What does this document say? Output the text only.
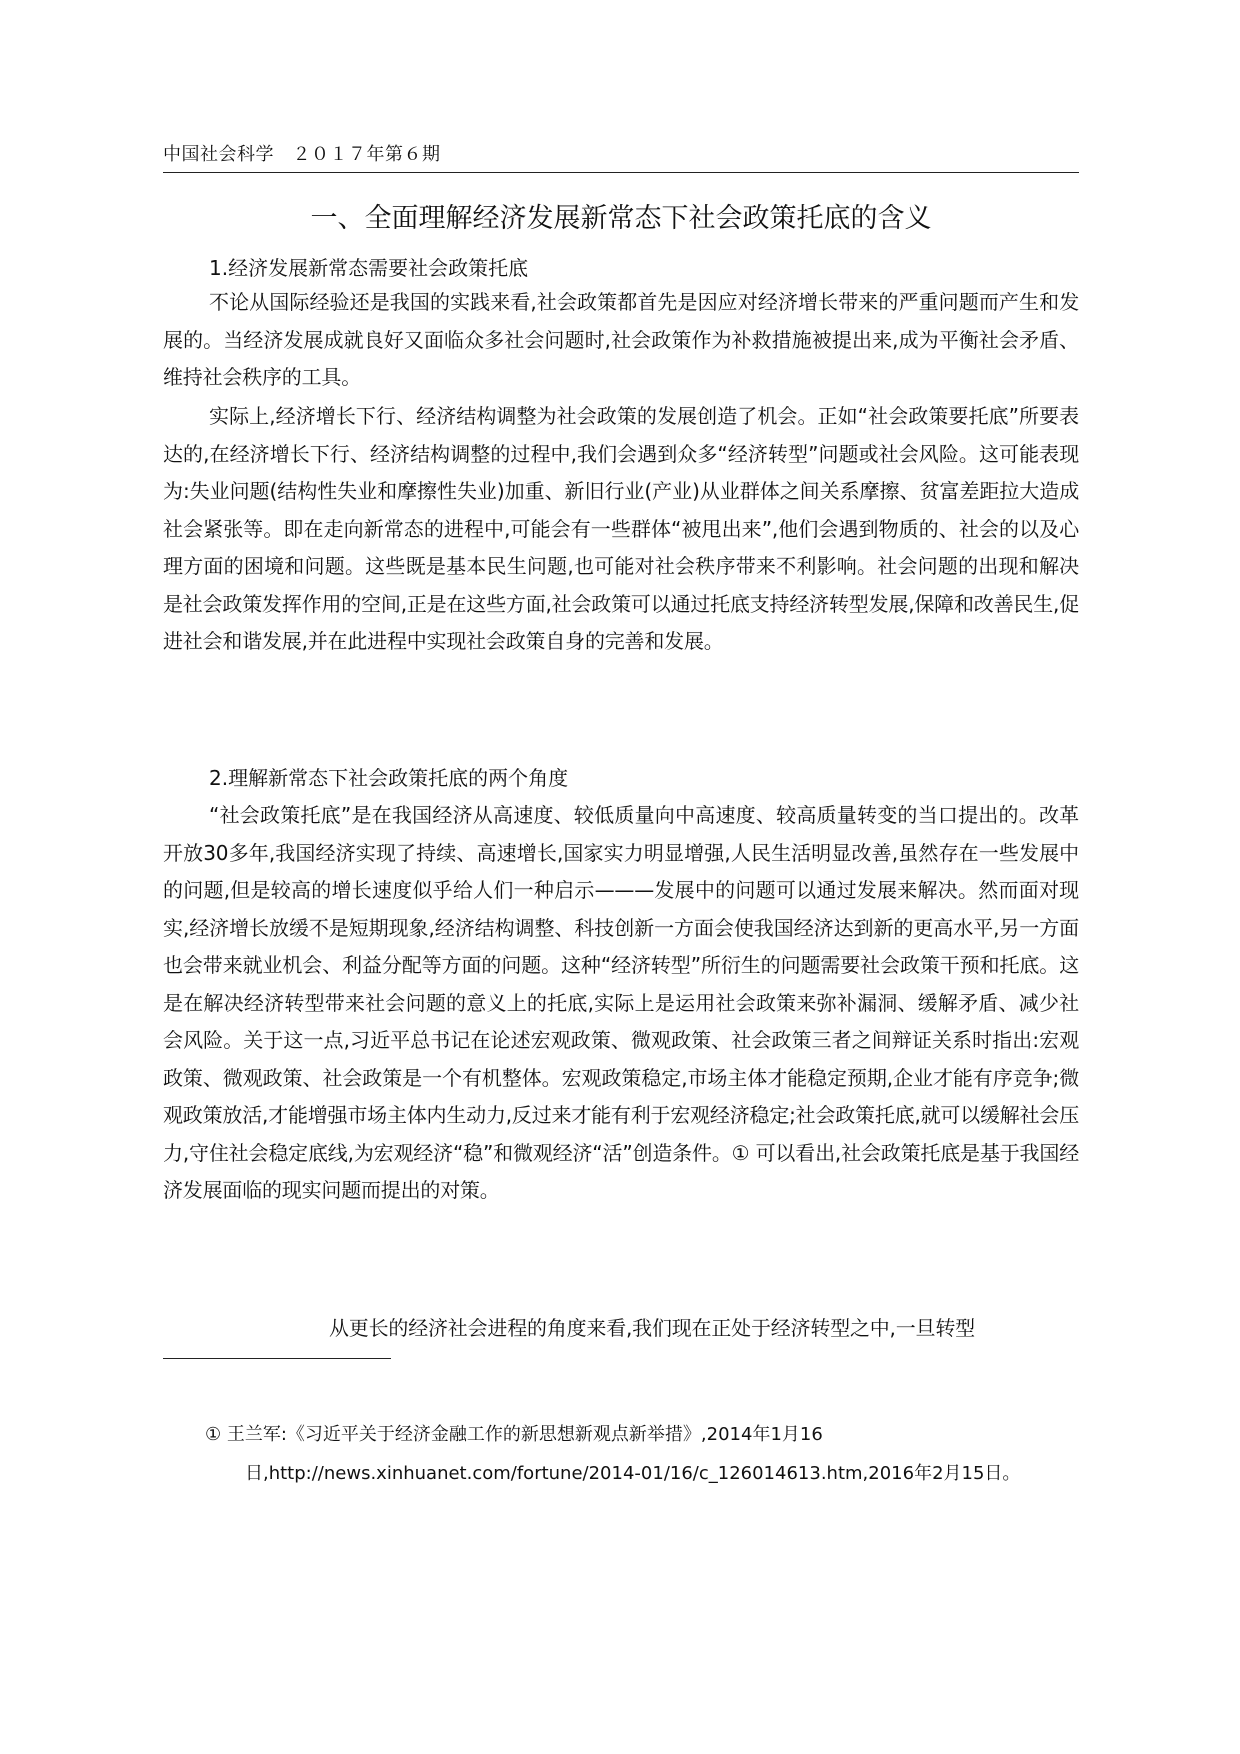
中国社会科学　２０１７年第６期
一、全面理解经济发展新常态下社会政策托底的含义

1.经济发展新常态需要社会政策托底

不论从国际经验还是我国的实践来看,社会政策都首先是因应对经济增长带来的严重问题而产生和发展的。当经济发展成就良好又面临众多社会问题时,社会政策作为补救措施被提出来,成为平衡社会矛盾、维持社会秩序的工具。

实际上,经济增长下行、经济结构调整为社会政策的发展创造了机会。正如“社会政策要托底”所要表达的,在经济增长下行、经济结构调整的过程中,我们会遇到众多“经济转型”问题或社会风险。这可能表现为:失业问题(结构性失业和摩擦性失业)加重、新旧行业(产业)从业群体之间关系摩擦、贫富差距拉大造成社会紧张等。即在走向新常态的进程中,可能会有一些群体“被甩出来”,他们会遇到物质的、社会的以及心理方面的困境和问题。这些既是基本民生问题,也可能对社会秩序带来不利影响。社会问题的出现和解决是社会政策发挥作用的空间,正是在这些方面,社会政策可以通过托底支持经济转型发展,保障和改善民生,促进社会和谐发展,并在此进程中实现社会政策自身的完善和发展。

2.理解新常态下社会政策托底的两个角度

“社会政策托底”是在我国经济从高速度、较低质量向中高速度、较高质量转变的当口提出的。改革开放30多年,我国经济实现了持续、高速增长,国家实力明显增强,人民生活明显改善,虽然存在一些发展中的问题,但是较高的增长速度似乎给人们一种启示———发展中的问题可以通过发展来解决。然而面对现实,经济增长放缓不是短期现象,经济结构调整、科技创新一方面会使我国经济达到新的更高水平,另一方面也会带来就业机会、利益分配等方面的问题。这种“经济转型”所衍生的问题需要社会政策干预和托底。这是在解决经济转型带来社会问题的意义上的托底,实际上是运用社会政策来弥补漏洞、缓解矛盾、减少社会风险。关于这一点,习近平总书记在论述宏观政策、微观政策、社会政策三者之间辩证关系时指出:宏观政策、微观政策、社会政策是一个有机整体。宏观政策稳定,市场主体才能稳定预期,企业才能有序竞争;微观政策放活,才能增强市场主体内生动力,反过来才能有利于宏观经济稳定;社会政策托底,就可以缓解社会压力,守住社会稳定底线,为宏观经济“稳”和微观经济“活”创造条件。① 可以看出,社会政策托底是基于我国经济发展面临的现实问题而提出的对策。

从更长的经济社会进程的角度来看,我们现在正处于经济转型之中,一旦转型

① 王兰军:《习近平关于经济金融工作的新思想新观点新举措》,2014年1月16
日,http://news.xinhuanet.com/fortune/2014-01/16/c_126014613.htm,2016年2月15日。
